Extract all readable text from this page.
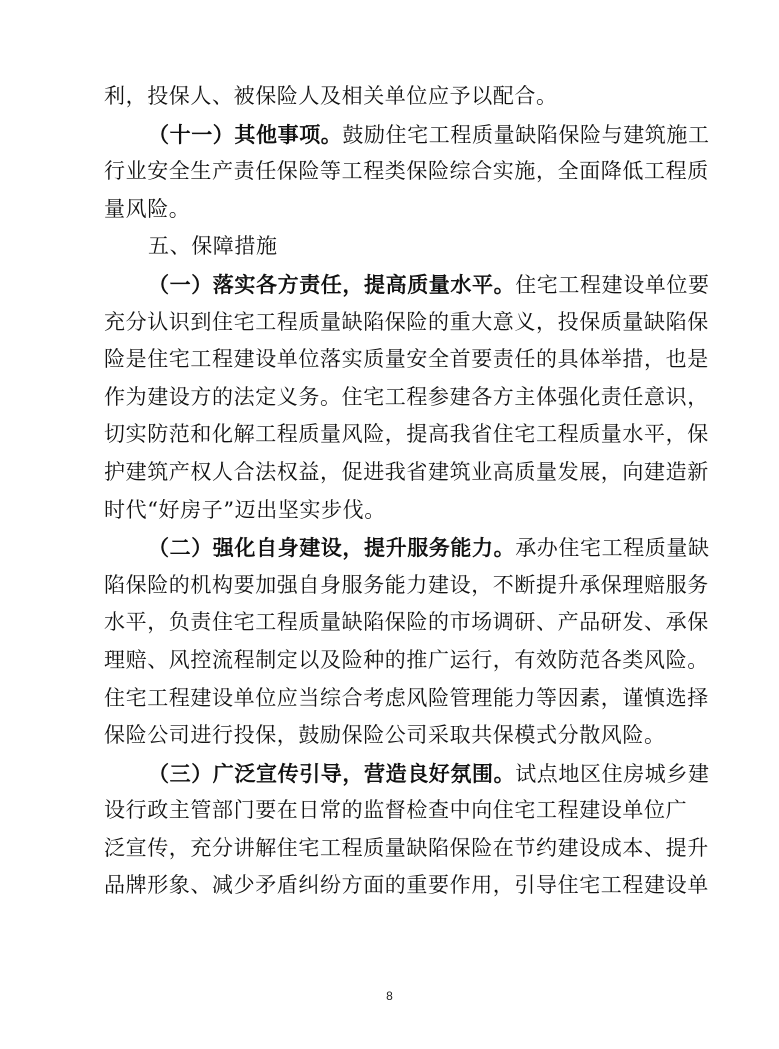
利，投保人、被保险人及相关单位应予以配合。
（十一）其他事项。鼓励住宅工程质量缺陷保险与建筑施工
行业安全生产责任保险等工程类保险综合实施，全面降低工程质
量风险。
五、保障措施
（一）落实各方责任，提高质量水平。住宅工程建设单位要
充分认识到住宅工程质量缺陷保险的重大意义，投保质量缺陷保
险是住宅工程建设单位落实质量安全首要责任的具体举措，也是
作为建设方的法定义务。住宅工程参建各方主体强化责任意识，
切实防范和化解工程质量风险，提高我省住宅工程质量水平，保
护建筑产权人合法权益，促进我省建筑业高质量发展，向建造新
时代“好房子”迈出坚实步伐。
（二）强化自身建设，提升服务能力。承办住宅工程质量缺
陷保险的机构要加强自身服务能力建设，不断提升承保理赔服务
水平，负责住宅工程质量缺陷保险的市场调研、产品研发、承保
理赔、风控流程制定以及险种的推广运行，有效防范各类风险。
住宅工程建设单位应当综合考虑风险管理能力等因素，谨慎选择
保险公司进行投保，鼓励保险公司采取共保模式分散风险。
（三）广泛宣传引导，营造良好氛围。试点地区住房城乡建
设行政主管部门要在日常的监督检查中向住宅工程建设单位广
泛宣传，充分讲解住宅工程质量缺陷保险在节约建设成本、提升
品牌形象、减少矛盾纠纷方面的重要作用，引导住宅工程建设单
8
